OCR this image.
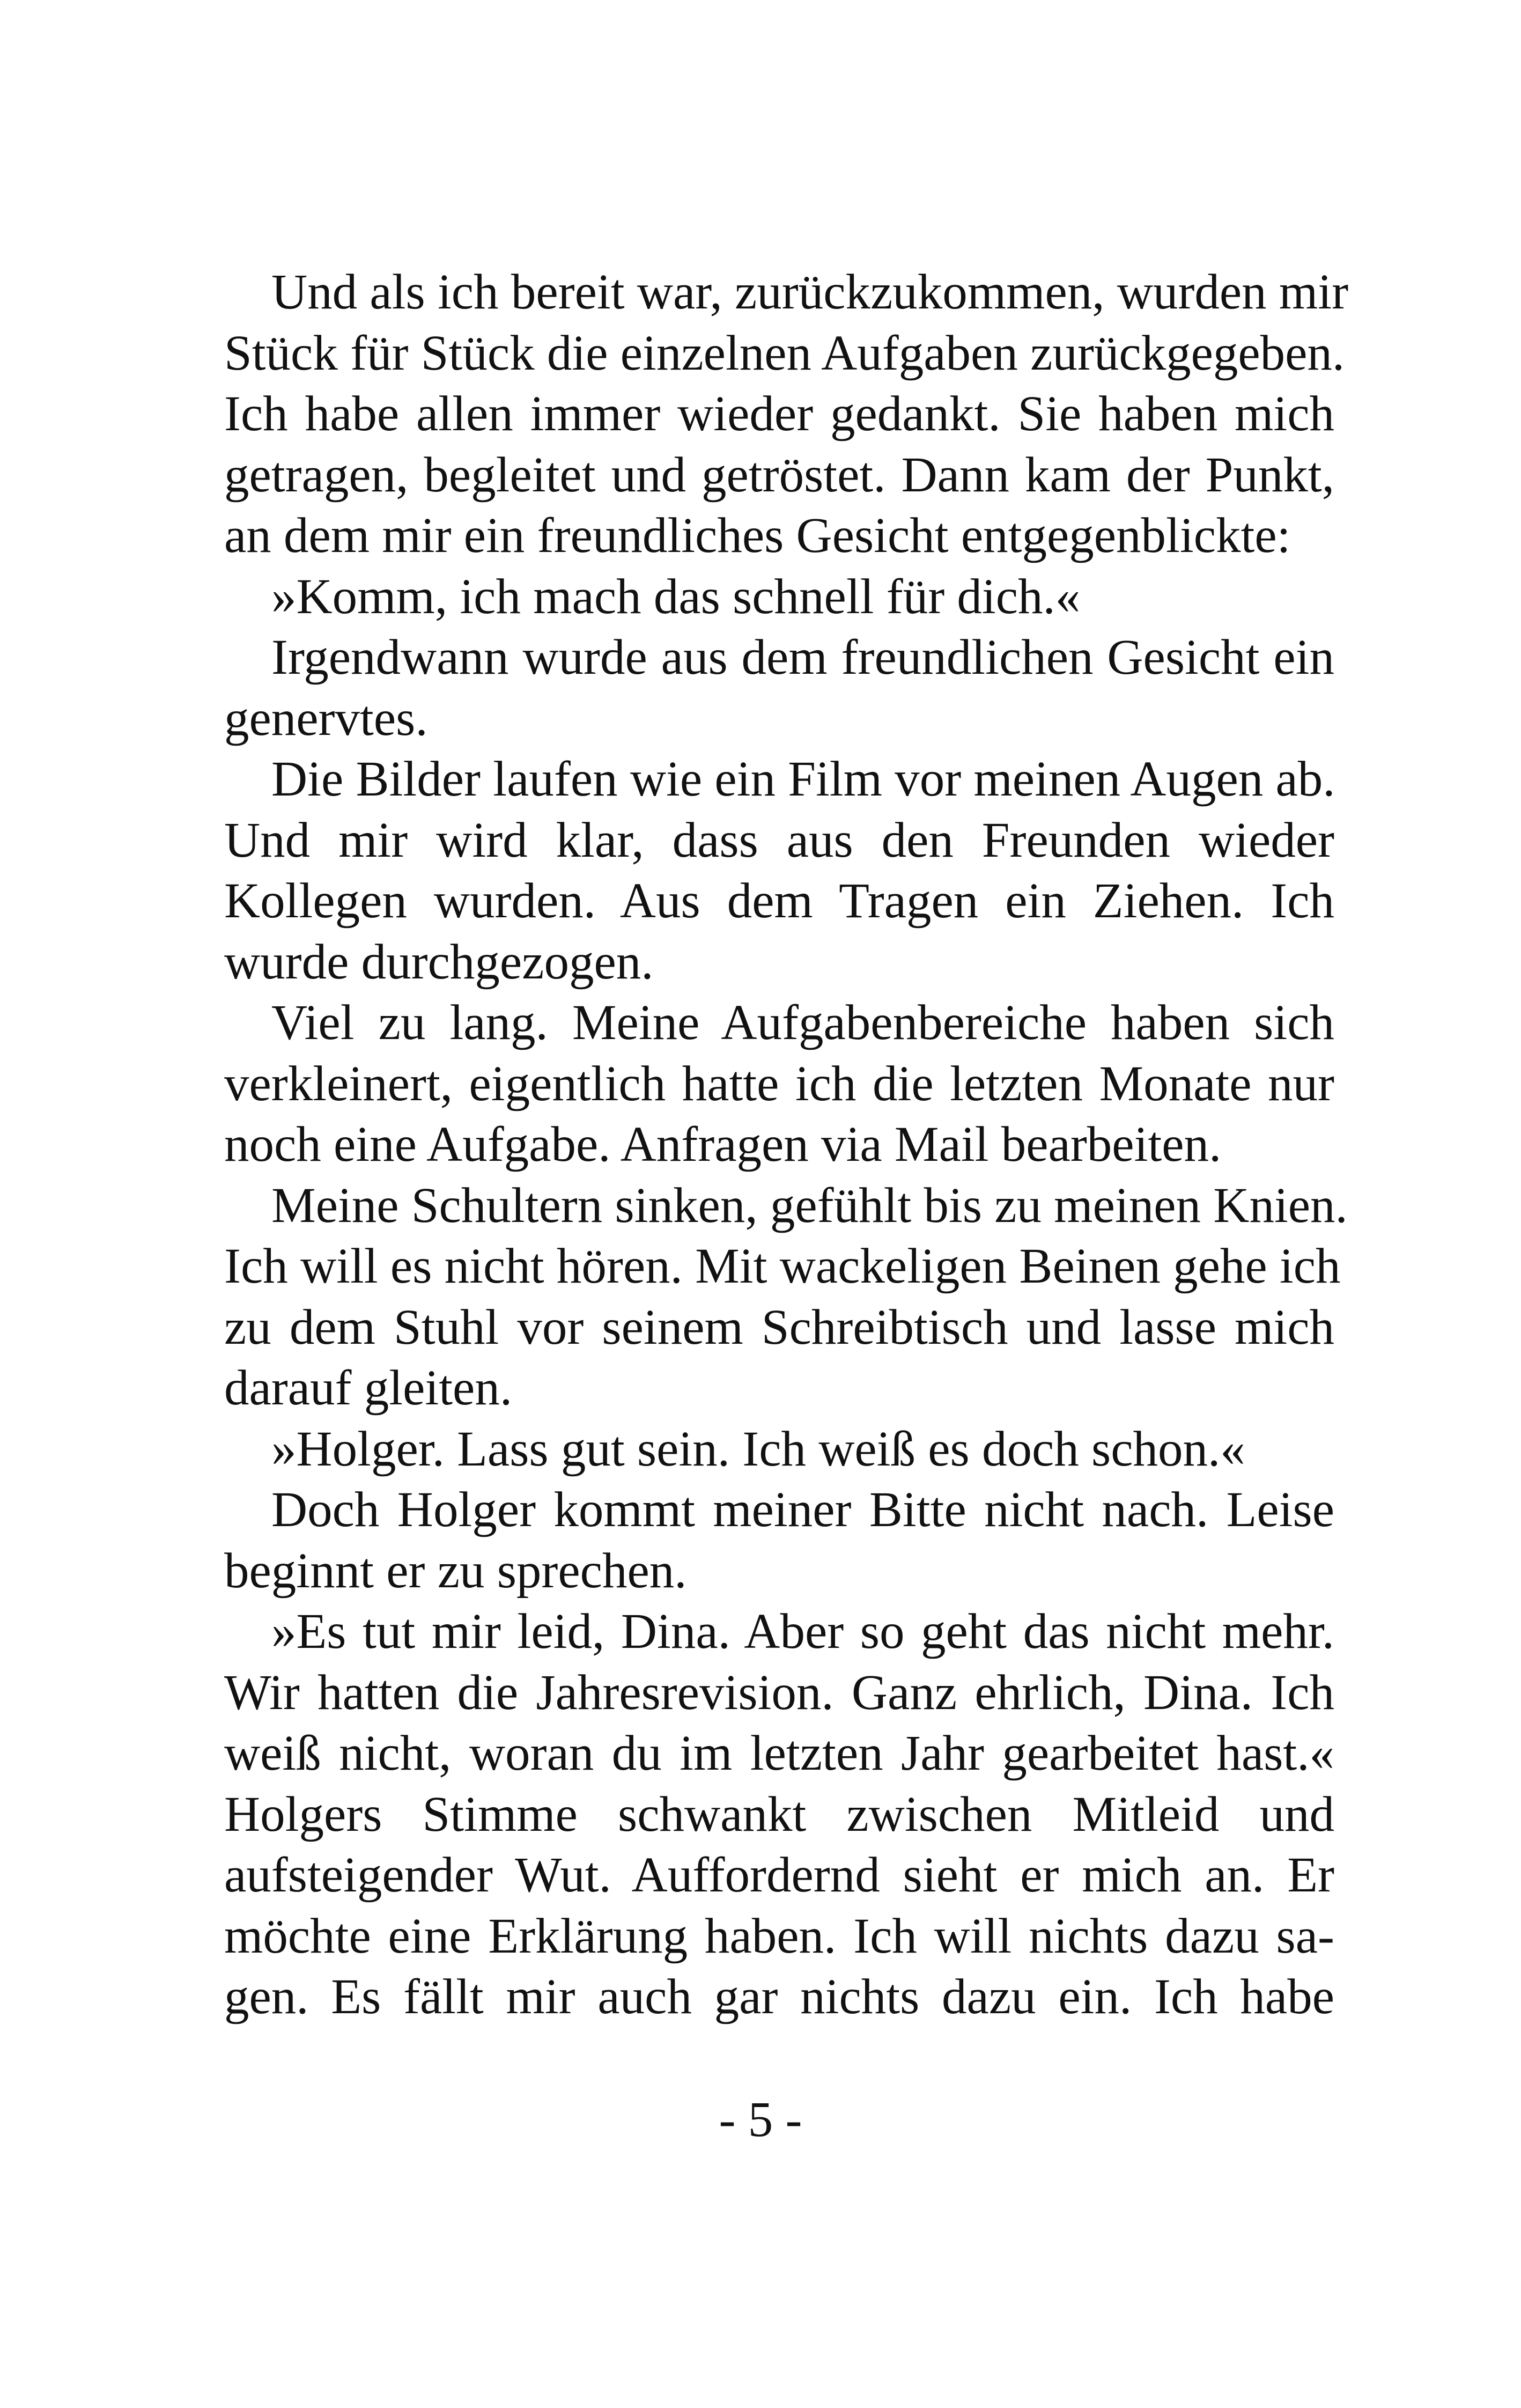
Und als ich bereit war, zurückzukommen, wurden mir
Stück für Stück die einzelnen Aufgaben zurückgegeben.
Ich habe allen immer wieder gedankt. Sie haben mich
getragen, begleitet und getröstet. Dann kam der Punkt,
an dem mir ein freundliches Gesicht entgegenblickte:
»Komm, ich mach das schnell für dich.«
Irgendwann wurde aus dem freundlichen Gesicht ein
genervtes.
Die Bilder laufen wie ein Film vor meinen Augen ab.
Und mir wird klar, dass aus den Freunden wieder
Kollegen wurden. Aus dem Tragen ein Ziehen. Ich
wurde durchgezogen.
Viel zu lang. Meine Aufgabenbereiche haben sich
verkleinert, eigentlich hatte ich die letzten Monate nur
noch eine Aufgabe. Anfragen via Mail bearbeiten.
Meine Schultern sinken, gefühlt bis zu meinen Knien.
Ich will es nicht hören. Mit wackeligen Beinen gehe ich
zu dem Stuhl vor seinem Schreibtisch und lasse mich
darauf gleiten.
»Holger. Lass gut sein. Ich weiß es doch schon.«
Doch Holger kommt meiner Bitte nicht nach. Leise
beginnt er zu sprechen.
»Es tut mir leid, Dina. Aber so geht das nicht mehr.
Wir hatten die Jahresrevision. Ganz ehrlich, Dina. Ich
weiß nicht, woran du im letzten Jahr gearbeitet hast.«
Holgers Stimme schwankt zwischen Mitleid und
aufsteigender Wut. Auffordernd sieht er mich an. Er
möchte eine Erklärung haben. Ich will nichts dazu sa-
gen. Es fällt mir auch gar nichts dazu ein. Ich habe
- 5 -
